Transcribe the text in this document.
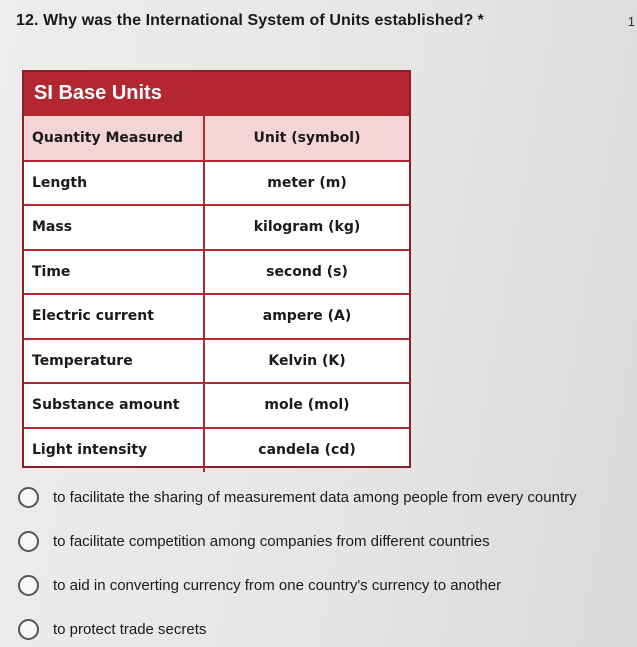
12. Why was the International System of Units established? *	1
SI Base Units
Quantity Measured	Unit (symbol)
Length	meter (m)
Mass	kilogram (kg)
Time	second (s)
Electric current	ampere (A)
Temperature	Kelvin (K)
Substance amount	mole (mol)
Light intensity	candela (cd)
to facilitate the sharing of measurement data among people from every country
to facilitate competition among companies from different countries
to aid in converting currency from one country's currency to another
to protect trade secrets
